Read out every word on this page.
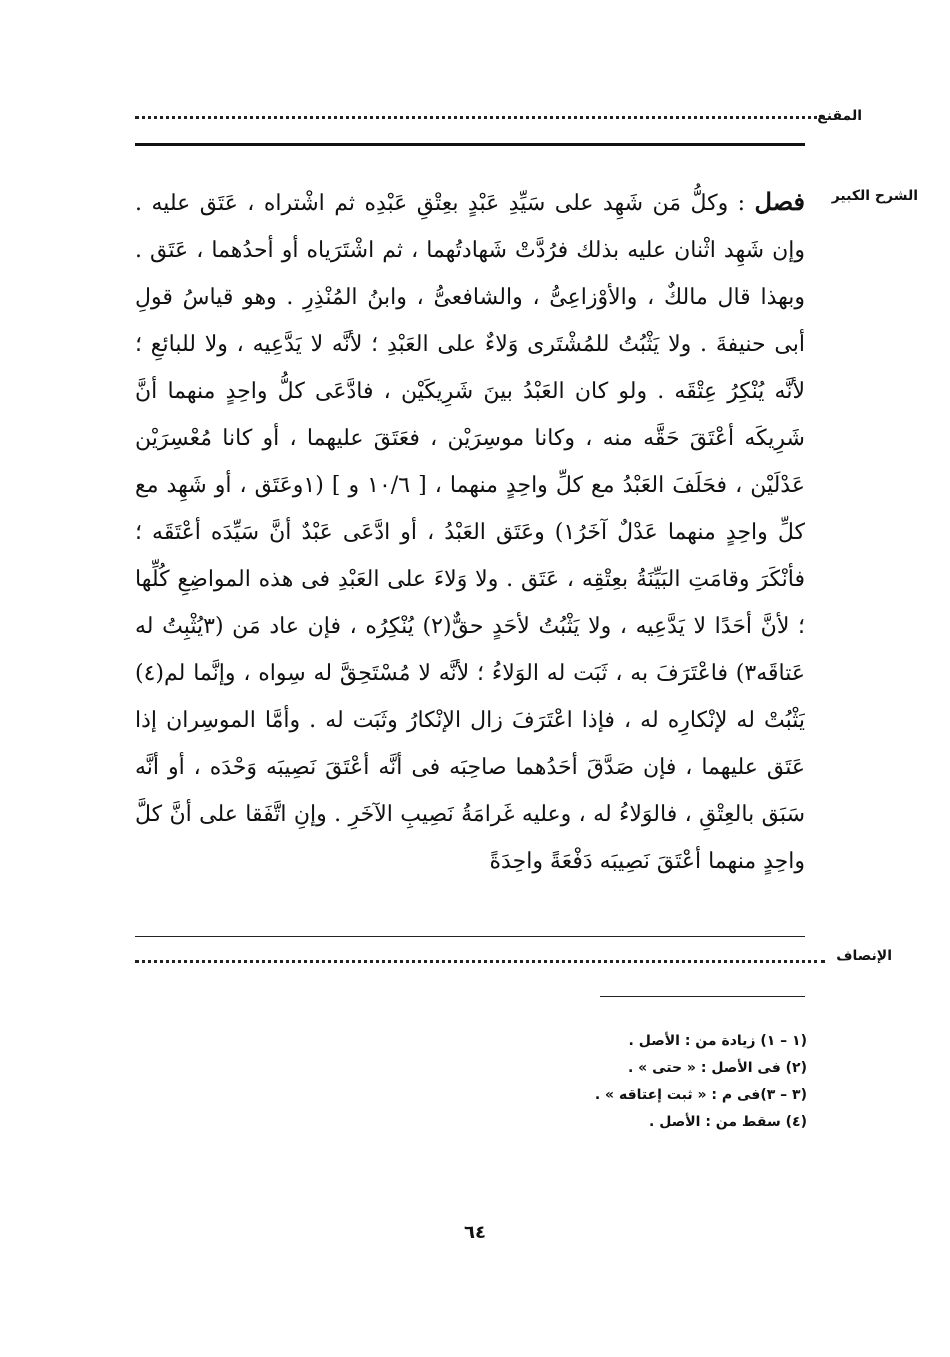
المقنع
الشرح الكبير
فصل : وكلُّ مَن شَهِد على سَيِّدِ عَبْدٍ بعِتْقِ عَبْدِه ثم اشْتراه ، عَتَق عليه . وإن شَهِد اثْنان عليه بذلك فرُدَّتْ شَهادتُهما ، ثم اشْتَرَياه أو أحدُهما ، عَتَق . وبهذا قال مالكٌ ، والأوْزاعِىُّ ، والشافعىُّ ، وابنُ المُنْذِرِ . وهو قياسُ قولِ أبى حنيفةَ . ولا يَثْبُتُ للمُشْتَرى وَلاءٌ على العَبْدِ ؛ لأنَّه لا يَدَّعِيه ، ولا للبائعِ ؛ لأنَّه يُنْكِرُ عِتْقَه . ولو كان العَبْدُ بينَ شَرِيكَيْن ، فادَّعَى كلُّ واحِدٍ منهما أنَّ شَرِيكَه أعْتَقَ حَقَّه منه ، وكانا موسِرَيْن ، فعَتَقَ عليهما ، أو كانا مُعْسِرَيْن عَدْلَيْن ، فحَلَفَ العَبْدُ مع كلِّ واحِدٍ منهما ، [ ١٠/٦ و ] (١وعَتَق ، أو شَهِد مع كلِّ واحِدٍ منهما عَدْلٌ آخَرُ١) وعَتَق العَبْدُ ، أو ادَّعَى عَبْدٌ أنَّ سَيِّدَه أعْتَقَه ؛ فأنْكَرَ وقامَتِ البَيِّنَةُ بعِتْقِه ، عَتَق . ولا وَلاءَ على العَبْدِ فى هذه المواضِعِ كُلِّها ؛ لأنَّ أحَدًا لا يَدَّعِيه ، ولا يَثْبُتُ لأحَدٍ حقٌّ(٢) يُنْكِرُه ، فإن عاد مَن (٣يُثْبِتُ له عَتاقَه٣) فاعْتَرَفَ به ، ثَبَت له الوَلاءُ ؛ لأنَّه لا مُسْتَحِقَّ له سِواه ، وإنَّما لم(٤) يَثْبُتْ له لإنْكارِه له ، فإذا اعْتَرَفَ زال الإنْكارُ وثَبَت له . وأمَّا الموسِران إذا عَتَق عليهما ، فإن صَدَّقَ أحَدُهما صاحِبَه فى أنَّه أعْتَقَ نَصِيبَه وَحْدَه ، أو أنَّه سَبَق بالعِتْقِ ، فالوَلاءُ له ، وعليه غَرامَةُ نَصِيبِ الآخَرِ . وإنِ اتَّفَقا على أنَّ كلَّ واحِدٍ منهما أعْتَقَ نَصِيبَه دَفْعَةً واحِدَةً
الإنصاف
(١ – ١) زيادة من : الأصل .
(٢) فى الأصل : « حتى » .
(٣ – ٣)فى م : « ثبت إعتاقه » .
(٤) سقط من : الأصل .
٦٤
